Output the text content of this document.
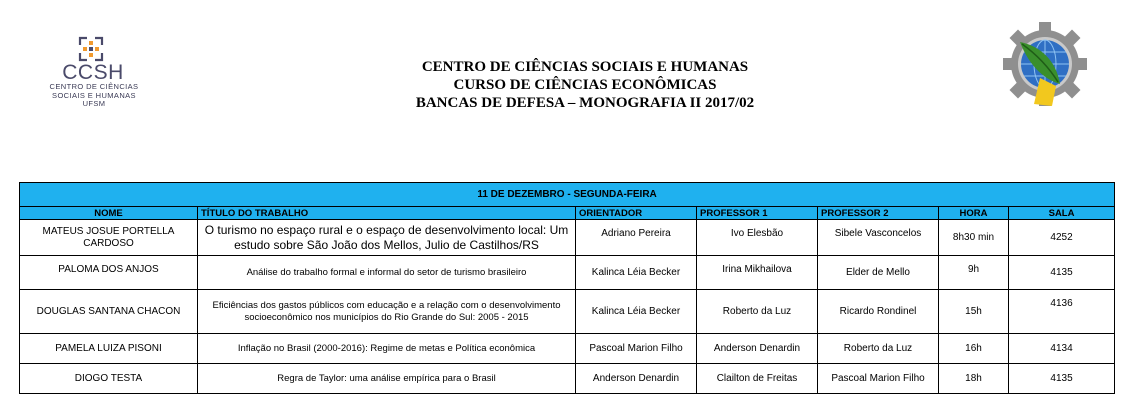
CCSH
CENTRO DE CIÊNCIAS
SOCIAIS E HUMANAS
UFSM
CENTRO DE CIÊNCIAS SOCIAIS E HUMANAS
CURSO DE CIÊNCIAS ECONÔMICAS
BANCAS DE DEFESA – MONOGRAFIA II 2017/02
11 DE DEZEMBRO - SEGUNDA-FEIRA						
NOME	TÍTULO DO TRABALHO	ORIENTADOR	PROFESSOR 1	PROFESSOR 2	HORA	SALA
MATEUS JOSUE PORTELLA CARDOSO	O turismo no espaço rural e o espaço de desenvolvimento local: Um estudo sobre São João dos Mellos, Julio de Castilhos/RS	Adriano Pereira	Ivo Elesbão	Sibele Vasconcelos	8h30 min	4252
PALOMA DOS ANJOS	Análise do trabalho formal e informal do setor de turismo brasileiro	Kalinca Léia Becker	Irina Mikhailova	Elder de Mello	9h	4135
DOUGLAS SANTANA CHACON	Eficiências dos gastos públicos com educação e a relação com o desenvolvimento socioeconômico nos municípios do Rio Grande do Sul: 2005 - 2015	Kalinca Léia Becker	Roberto da Luz	Ricardo Rondinel	15h	4136
PAMELA LUIZA PISONI	Inflação no Brasil (2000-2016): Regime de metas e Política econômica	Pascoal Marion Filho	Anderson Denardin	Roberto da Luz	16h	4134
DIOGO TESTA	Regra de Taylor: uma análise empírica para o Brasil	Anderson Denardin	Clailton de Freitas	Pascoal Marion Filho	18h	4135
